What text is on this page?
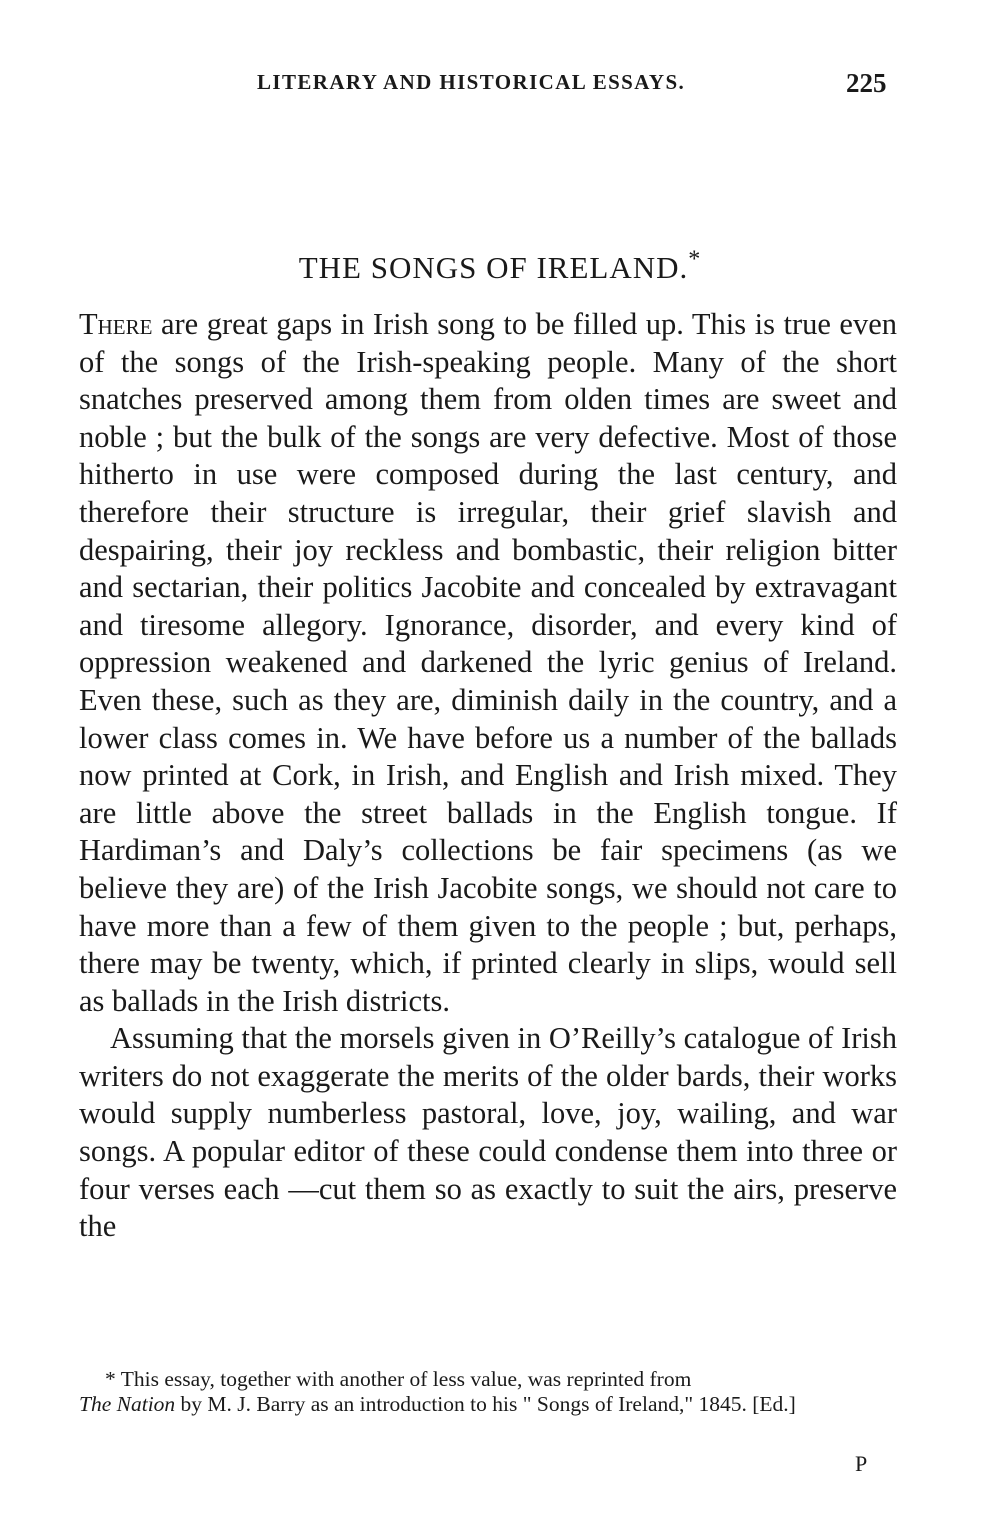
LITERARY AND HISTORICAL ESSAYS.	225
THE SONGS OF IRELAND.*

There are great gaps in Irish song to be filled up. This is true even of the songs of the Irish-speaking people. Many of the short snatches preserved among them from olden times are sweet and noble ; but the bulk of the songs are very defective. Most of those hitherto in use were composed during the last century, and therefore their structure is irregular, their grief slavish and despairing, their joy reckless and bombastic, their religion bitter and sectarian, their politics Jacobite and concealed by extravagant and tiresome allegory. Ignorance, disorder, and every kind of oppression weakened and darkened the lyric genius of Ireland. Even these, such as they are, diminish daily in the country, and a lower class comes in. We have before us a number of the ballads now printed at Cork, in Irish, and English and Irish mixed. They are little above the street ballads in the English tongue. If Hardiman’s and Daly’s collections be fair specimens (as we believe they are) of the Irish Jacobite songs, we should not care to have more than a few of them given to the people ; but, perhaps, there may be twenty, which, if printed clearly in slips, would sell as ballads in the Irish districts.

Assuming that the morsels given in O’Reilly’s catalogue of Irish writers do not exaggerate the merits of the older bards, their works would supply numberless pastoral, love, joy, wailing, and war songs. A popular editor of these could condense them into three or four verses each —cut them so as exactly to suit the airs, preserve the

* This essay, together with another of less value, was reprinted from
The Nation by M. J. Barry as an introduction to his " Songs of Ireland," 1845. [Ed.]
P
